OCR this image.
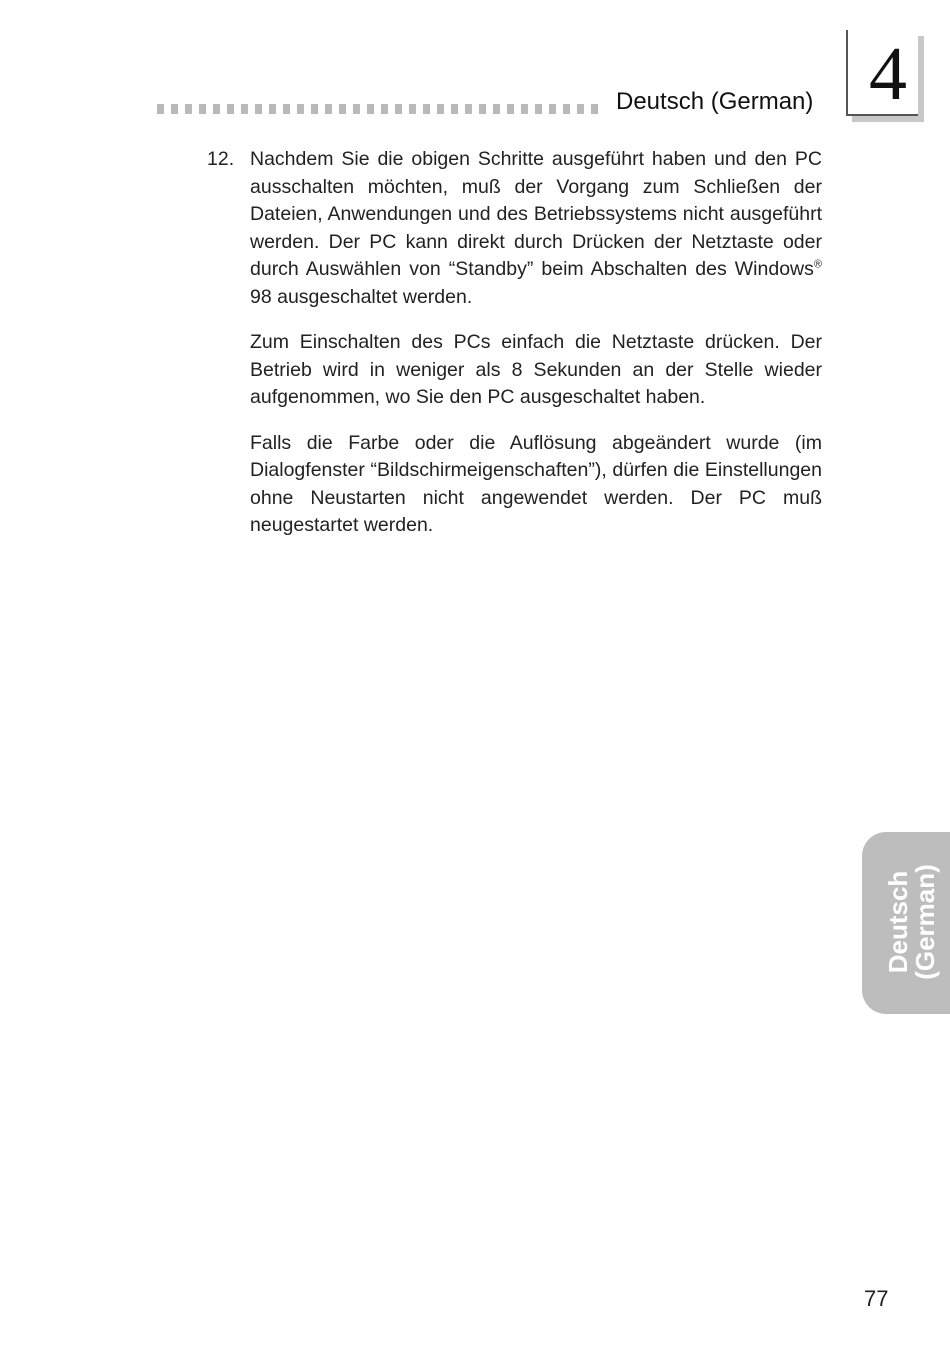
Deutsch (German) 4
12. Nachdem Sie die obigen Schritte ausgeführt haben und den PC ausschalten möchten, muß der Vorgang zum Schließen der Dateien, Anwendungen und des Betriebssystems nicht ausgeführt werden. Der PC kann direkt durch Drücken der Netztaste oder durch Auswählen von “Standby” beim Abschalten des Windows® 98 ausgeschaltet werden.

Zum Einschalten des PCs einfach die Netztaste drücken. Der Betrieb wird in weniger als 8 Sekunden an der Stelle wieder aufgenommen, wo Sie den PC ausgeschaltet haben.

Falls die Farbe oder die Auflösung abgeändert wurde (im Dialogfenster “Bildschirmeigenschaften”), dürfen die Einstellungen ohne Neustarten nicht angewendet werden. Der PC muß neugestartet werden.

Deutsch
(German)
77
